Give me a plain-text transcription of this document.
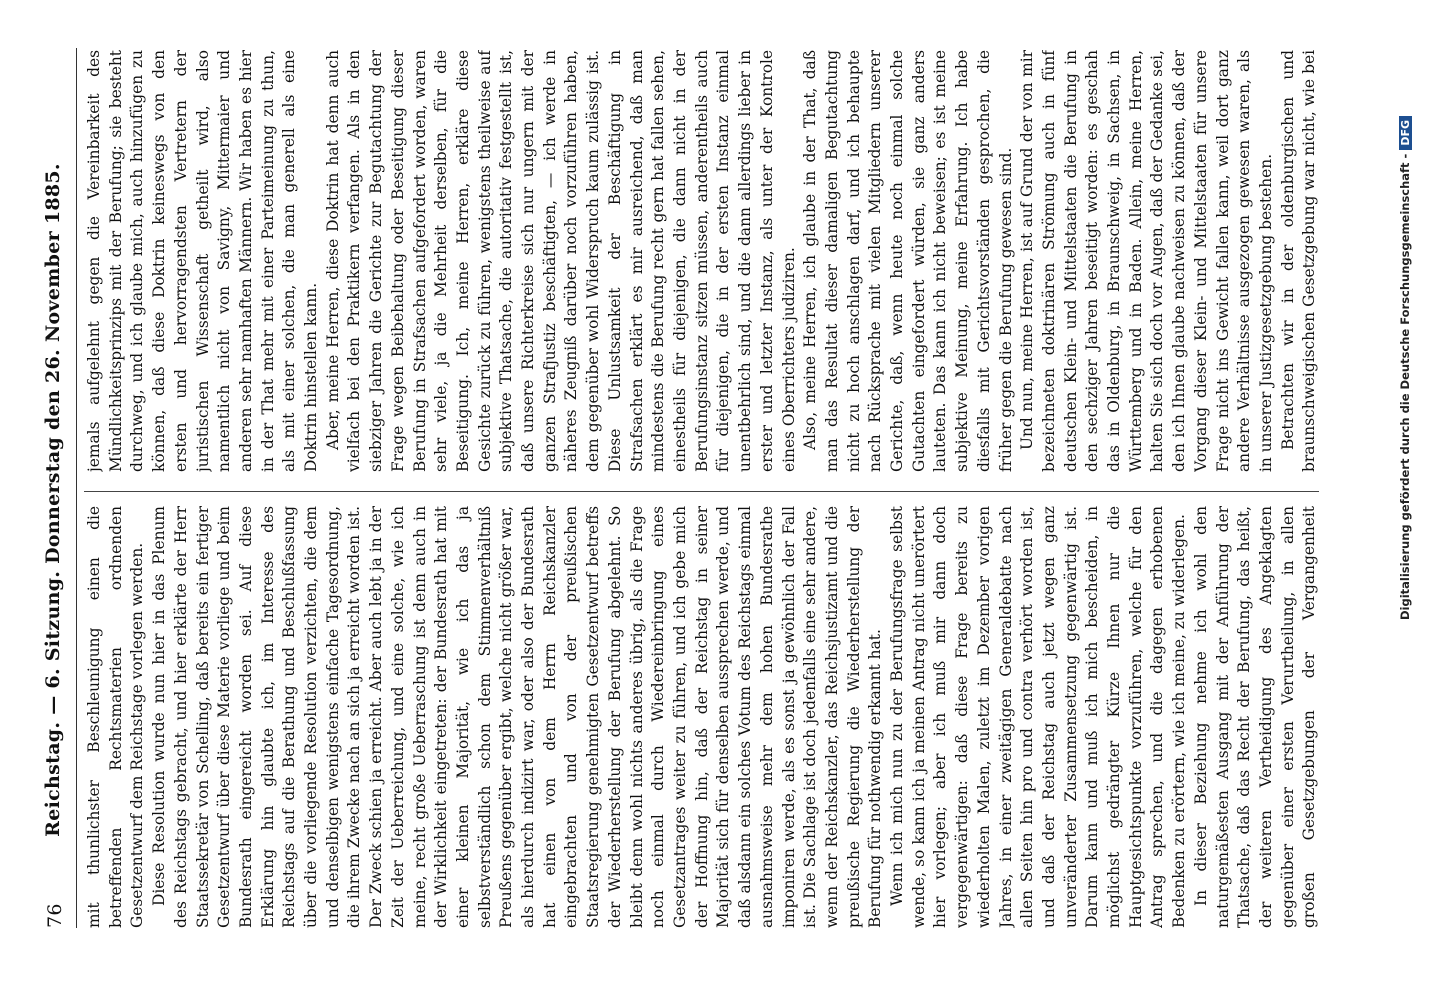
76
Reichstag. — 6. Sitzung. Donnerstag den 26. November 1885. mit thunlichster Beschleunigung einen die betreffenden Rechtsmaterien ordnenden Gesetzentwurf dem Reichstage vorlegen werden. Diese Resolution wurde nun hier in das Plenum des Reichstags gebracht, und hier erklärte der Herr Staatssekretär von Schelling, daß bereits ein fertiger Gesetzentwurf über diese Materie vorliege und beim Bundesrath eingereicht worden sei. Auf diese Erklärung hin glaubte ich, im Interesse des Reichstags auf die Berathung und Beschlußfassung über die vorliegende Resolution verzichten, die dem und denselbigen wenigstens einfache Tagesordnung, die ihrem Zwecke nach an sich ja erreicht worden ist. Der Zweck schien ja erreicht. Aber auch lebt ja in der Zeit der Ueberreichung, und eine solche, wie ich meine, recht große Ueberraschung ist denn auch in der Wirklichkeit eingetreten: der Bundesrath hat mit einer kleinen Majorität, wie ich das ja selbstverständlich schon dem Stimmenverhältniß Preußens gegenüber ergibt, welche nicht größer war, als hierdurch indizirt war, oder also der Bundesrath hat einen von dem Herrn Reichskanzler eingebrachten und von der preußischen Staatsregierung genehmigten Gesetzentwurf betreffs der Wiederherstellung der Berufung abgelehnt. So bleibt denn wohl nichts anderes übrig, als die Frage noch einmal durch Wiedereinbringung eines Gesetzantrages weiter zu führen, und ich gebe mich der Hoffnung hin, daß der Reichstag in seiner Majorität sich für denselben aussprechen werde, und daß alsdann ein solches Votum des Reichstags einmal ausnahmsweise mehr dem hohen Bundesrathe imponiren werde, als es sonst ja gewöhnlich der Fall ist. Die Sachlage ist doch jedenfalls eine sehr andere, wenn der Reichskanzler, das Reichsjustizamt und die preußische Regierung die Wiederherstellung der Berufung für nothwendig erkannt hat. Wenn ich mich nun zu der Berufungsfrage selbst wende, so kann ich ja meinen Antrag nicht unerörtert hier vorlegen; aber ich muß mir dann doch vergegenwärtigen: daß diese Frage bereits zu wiederholten Malen, zuletzt im Dezember vorigen Jahres, in einer zweitägigen Generaldebatte nach allen Seiten hin pro und contra verhört worden ist, und daß der Reichstag auch jetzt wegen ganz unveränderter Zusammensetzung gegenwärtig ist. Darum kann und muß ich mich bescheiden, in möglichst gedrängter Kürze Ihnen nur die Hauptgesichtspunkte vorzuführen, welche für den Antrag sprechen, und die dagegen erhobenen Bedenken zu erörtern, wie ich meine, zu widerlegen. In dieser Beziehung nehme ich wohl den naturgemäßesten Ausgang mit der Anführung der Thatsache, daß das Recht der Berufung, das heißt, der weiteren Vertheidigung des Angeklagten gegenüber einer ersten Verurtheilung, in allen großen Gesetzgebungen der Vergangenheit

jemals aufgelehnt gegen die Vereinbarkeit des Mündlichkeitsprinzips mit der Berufung; sie besteht durchweg, und ich glaube mich, auch hinzufügen zu können, daß diese Doktrin keineswegs von den ersten und hervorragendsten Vertretern der juristischen Wissenschaft getheilt wird, also namentlich nicht von Savigny, Mittermaier und anderen sehr namhaften Männern. Wir haben es hier in der That mehr mit einer Parteimeinung zu thun, als mit einer solchen, die man generell als eine Doktrin hinstellen kann. Aber, meine Herren, diese Doktrin hat denn auch vielfach bei den Praktikern verfangen. Als in den siebziger Jahren die Gerichte zur Begutachtung der Frage wegen Beibehaltung oder Beseitigung dieser Berufung in Strafsachen aufgefordert worden, waren sehr viele, ja die Mehrheit derselben, für die Beseitigung. Ich, meine Herren, erkläre diese Gesichte zurück zu führen, wenigstens theilweise auf subjektive Thatsache, die autoritativ festgestellt ist, daß unsere Richterkreise sich nur ungern mit der ganzen Strafjustiz beschäftigten, — ich werde in näheres Zeugniß darüber noch vorzuführen haben, dem gegenüber wohl Widerspruch kaum zulässig ist. Diese Unlustsamkeit der Beschäftigung in Strafsachen erklärt es mir ausreichend, daß man mindestens die Berufung recht gern hat fallen sehen, einestheils für diejenigen, die dann nicht in der Berufungsinstanz sitzen müssen, anderentheils auch für diejenigen, die in der ersten Instanz einmal unentbehrlich sind, und die dann allerdings lieber in erster und letzter Instanz, als unter der Kontrole eines Oberrichters judiziren. Also, meine Herren, ich glaube in der That, daß man das Resultat dieser damaligen Begutachtung nicht zu hoch anschlagen darf, und ich behaupte nach Rücksprache mit vielen Mitgliedern unserer Gerichte, daß, wenn heute noch einmal solche Gutachten eingefordert würden, sie ganz anders lauteten. Das kann ich nicht beweisen; es ist meine subjektive Meinung, meine Erfahrung. Ich habe diesfalls mit Gerichtsvorständen gesprochen, die früher gegen die Berufung gewesen sind. Und nun, meine Herren, ist auf Grund der von mir bezeichneten doktrinären Strömung auch in fünf deutschen Klein- und Mittelstaaten die Berufung in den sechziger Jahren beseitigt worden: es geschah das in Oldenburg, in Braunschweig, in Sachsen, in Württemberg und in Baden. Allein, meine Herren, halten Sie sich doch vor Augen, daß der Gedanke sei, den ich Ihnen glaube nachweisen zu können, daß der Vorgang dieser Klein- und Mittelstaaten für unsere Frage nicht ins Gewicht fallen kann, weil dort ganz andere Verhältnisse ausgezogen gewesen waren, als in unserer Justizgesetzgebung bestehen. Betrachten wir in der oldenburgischen und braunschweigischen Gesetzgebung war nicht, wie bei

Digitalisierung gefördert durch die Deutsche Forschungsgemeinschaft -DFG
